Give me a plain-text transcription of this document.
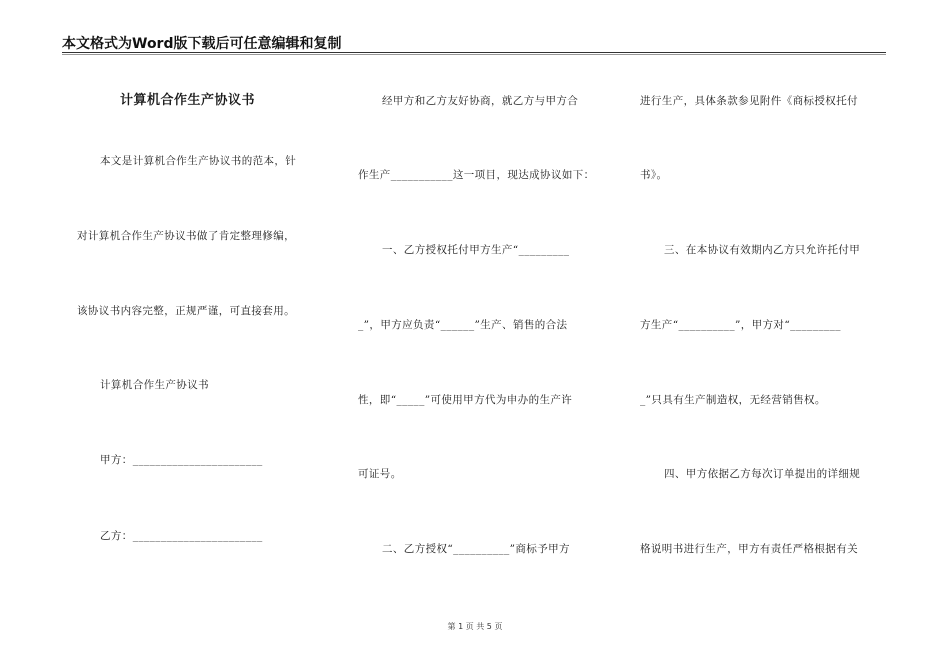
本文格式为Word版下载后可任意编辑和复制
计算机合作生产协议书
本文是计算机合作生产协议书的范本，针
对计算机合作生产协议书做了肯定整理修编，
该协议书内容完整，正规严谨，可直接套用。
计算机合作生产协议书
甲方：_______________________
乙方：_______________________
经甲方和乙方友好协商，就乙方与甲方合
作生产___________这一项目，现达成协议如下：
一、乙方授权托付甲方生产“_________
_”，甲方应负责“______”生产、销售的合法
性，即“_____”可使用甲方代为申办的生产许
可证号。
二、乙方授权“__________”商标予甲方
进行生产，具体条款参见附件《商标授权托付
书》。
三、在本协议有效期内乙方只允许托付甲
方生产“__________”，甲方对“_________
_”只具有生产制造权，无经营销售权。
四、甲方依据乙方每次订单提出的详细规
格说明书进行生产，甲方有责任严格根据有关
第 1 页 共 5 页
